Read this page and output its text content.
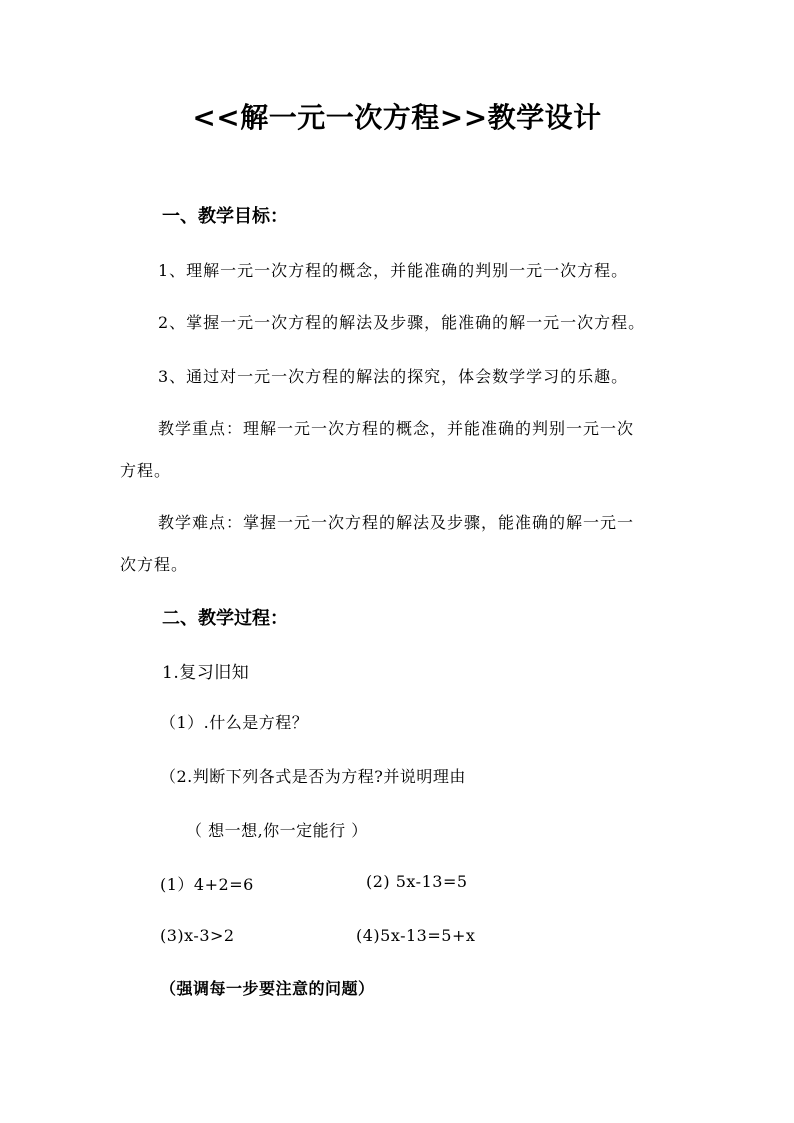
<<解一元一次方程>>教学设计
一、教学目标：
1、理解一元一次方程的概念，并能准确的判别一元一次方程。
2、掌握一元一次方程的解法及步骤，能准确的解一元一次方程。
3、通过对一元一次方程的解法的探究，体会数学学习的乐趣。
教学重点：理解一元一次方程的概念，并能准确的判别一元一次
方程。
教学难点：掌握一元一次方程的解法及步骤，能准确的解一元一
次方程。
二、教学过程：
1.复习旧知
（1）.什么是方程？
（2.判断下列各式是否为方程?并说明理由
（ 想一想,你一定能行 ）
(1）4+2=6	(2) 5x-13=5
(3)x-3>2	(4)5x-13=5+x
（强调每一步要注意的问题）
